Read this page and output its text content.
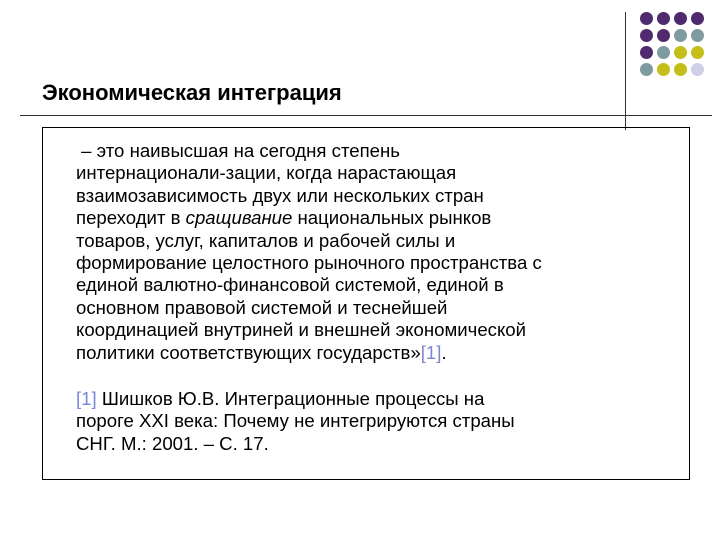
Экономическая интеграция
– это наивысшая на сегодня степень
интернационали-зации, когда нарастающая
взаимозависимость двух или нескольких стран
переходит в сращивание национальных рынков
товаров, услуг, капиталов и рабочей силы и
формирование целостного рыночного пространства с
единой валютно-финансовой системой, единой в
основном правовой системой и теснейшей
координацией внутриней и внешней экономической
политики соответствующих государств»[1].
[1] Шишков Ю.В. Интеграционные процессы на
пороге XXI века: Почему не интегрируются страны
СНГ. М.: 2001. – С. 17.
